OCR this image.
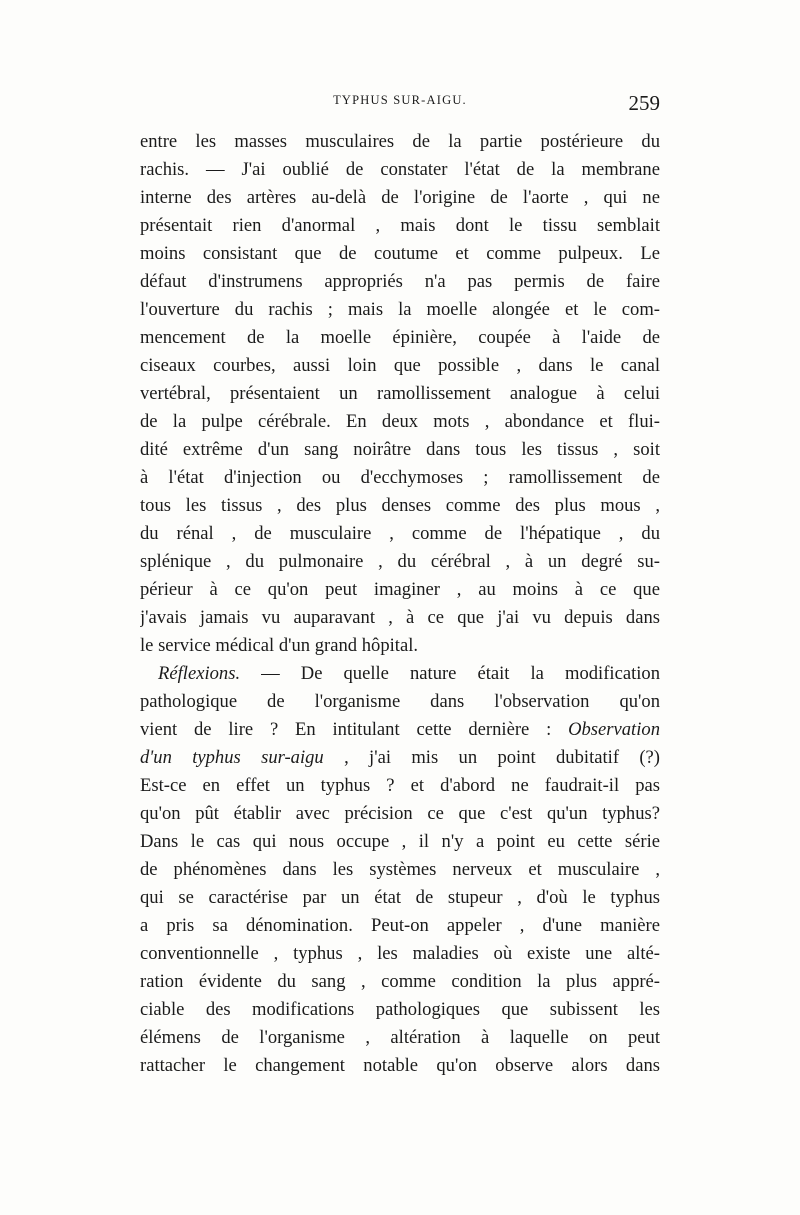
TYPHUS SUR-AIGU.	259
entre les masses musculaires de la partie postérieure du
rachis. — J'ai oublié de constater l'état de la membrane
interne des artères au-delà de l'origine de l'aorte , qui ne
présentait rien d'anormal , mais dont le tissu semblait
moins consistant que de coutume et comme pulpeux. Le
défaut d'instrumens appropriés n'a pas permis de faire
l'ouverture du rachis ; mais la moelle alongée et le com-
mencement de la moelle épinière, coupée à l'aide de
ciseaux courbes, aussi loin que possible , dans le canal
vertébral, présentaient un ramollissement analogue à celui
de la pulpe cérébrale. En deux mots , abondance et flui-
dité extrême d'un sang noirâtre dans tous les tissus , soit
à l'état d'injection ou d'ecchymoses ; ramollissement de
tous les tissus , des plus denses comme des plus mous ,
du rénal , de musculaire , comme de l'hépatique , du
splénique , du pulmonaire , du cérébral , à un degré su-
périeur à ce qu'on peut imaginer , au moins à ce que
j'avais jamais vu auparavant , à ce que j'ai vu depuis dans
le service médical d'un grand hôpital.
Réflexions. — De quelle nature était la modification
pathologique de l'organisme dans l'observation qu'on
vient de lire ? En intitulant cette dernière : Observation
d'un typhus sur-aigu , j'ai mis un point dubitatif (?)
Est-ce en effet un typhus ? et d'abord ne faudrait-il pas
qu'on pût établir avec précision ce que c'est qu'un typhus?
Dans le cas qui nous occupe , il n'y a point eu cette série
de phénomènes dans les systèmes nerveux et musculaire ,
qui se caractérise par un état de stupeur , d'où le typhus
a pris sa dénomination. Peut-on appeler , d'une manière
conventionnelle , typhus , les maladies où existe une alté-
ration évidente du sang , comme condition la plus appré-
ciable des modifications pathologiques que subissent les
élémens de l'organisme , altération à laquelle on peut
rattacher le changement notable qu'on observe alors dans
